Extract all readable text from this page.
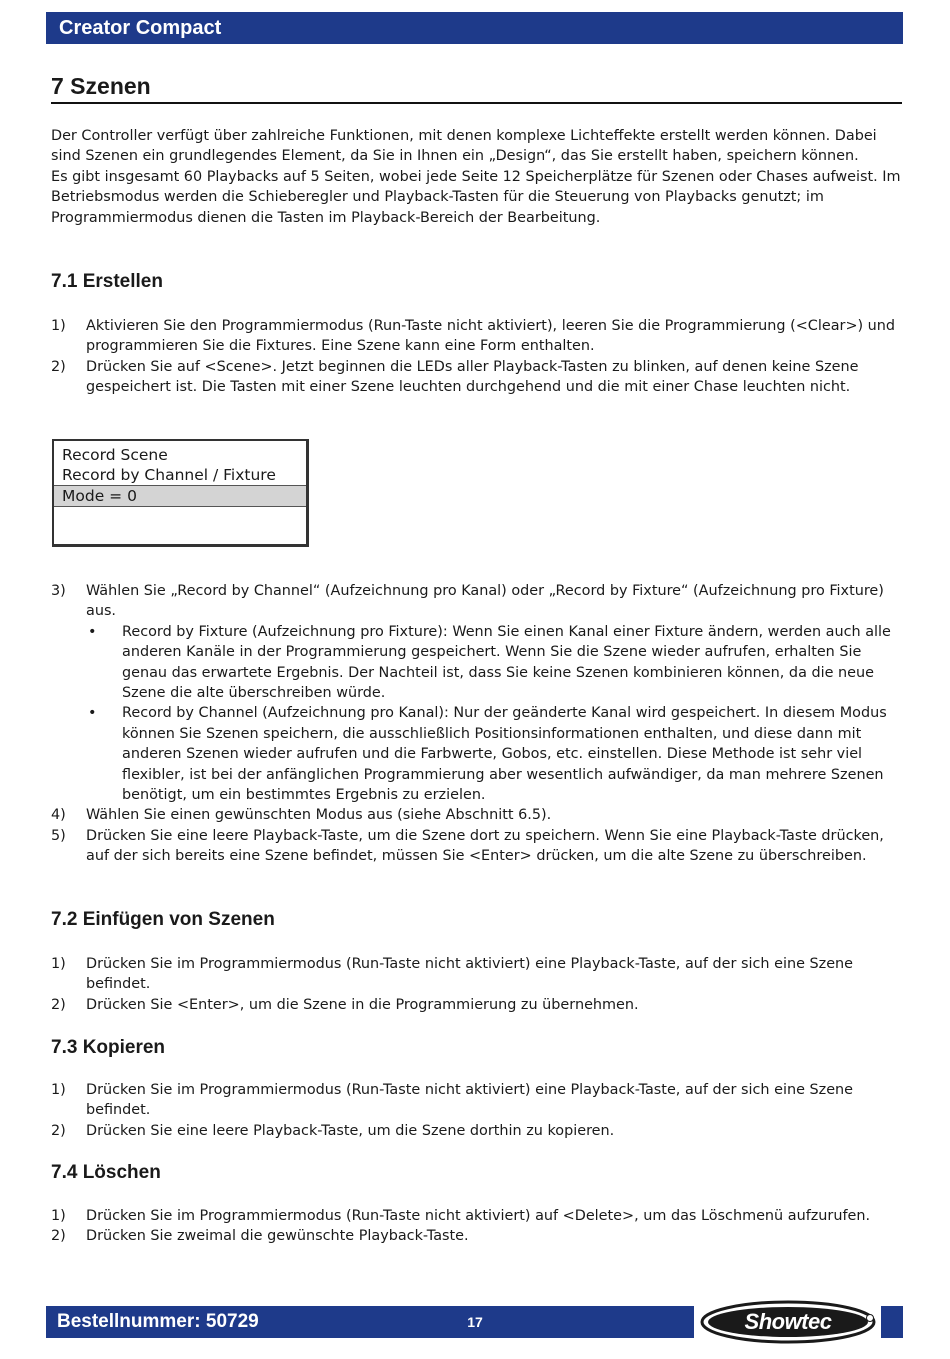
Creator Compact
7 Szenen

Der Controller verfügt über zahlreiche Funktionen, mit denen komplexe Lichteffekte erstellt werden können. Dabei sind Szenen ein grundlegendes Element, da Sie in Ihnen ein „Design“, das Sie erstellt haben, speichern können.

Es gibt insgesamt 60 Playbacks auf 5 Seiten, wobei jede Seite 12 Speicherplätze für Szenen oder Chases aufweist. Im Betriebsmodus werden die Schieberegler und Playback-Tasten für die Steuerung von Playbacks genutzt; im Programmiermodus dienen die Tasten im Playback-Bereich der Bearbeitung.

7.1 Erstellen
1) Aktivieren Sie den Programmiermodus (Run-Taste nicht aktiviert), leeren Sie die Programmierung (<Clear>) und programmieren Sie die Fixtures. Eine Szene kann eine Form enthalten.
2) Drücken Sie auf <Scene>. Jetzt beginnen die LEDs aller Playback-Tasten zu blinken, auf denen keine Szene gespeichert ist. Die Tasten mit einer Szene leuchten durchgehend und die mit einer Chase leuchten nicht.
Record Scene
Record by Channel / Fixture
Mode = 0
3) Wählen Sie „Record by Channel“ (Aufzeichnung pro Kanal) oder „Record by Fixture“ (Aufzeichnung pro Fixture) aus.
• Record by Fixture (Aufzeichnung pro Fixture): Wenn Sie einen Kanal einer Fixture ändern, werden auch alle anderen Kanäle in der Programmierung gespeichert. Wenn Sie die Szene wieder aufrufen, erhalten Sie genau das erwartete Ergebnis. Der Nachteil ist, dass Sie keine Szenen kombinieren können, da die neue Szene die alte überschreiben würde.
• Record by Channel (Aufzeichnung pro Kanal): Nur der geänderte Kanal wird gespeichert. In diesem Modus können Sie Szenen speichern, die ausschließlich Positionsinformationen enthalten, und diese dann mit anderen Szenen wieder aufrufen und die Farbwerte, Gobos, etc. einstellen. Diese Methode ist sehr viel flexibler, ist bei der anfänglichen Programmierung aber wesentlich aufwändiger, da man mehrere Szenen benötigt, um ein bestimmtes Ergebnis zu erzielen.
4) Wählen Sie einen gewünschten Modus aus (siehe Abschnitt 6.5).
5) Drücken Sie eine leere Playback-Taste, um die Szene dort zu speichern. Wenn Sie eine Playback-Taste drücken, auf der sich bereits eine Szene befindet, müssen Sie <Enter> drücken, um die alte Szene zu überschreiben.
7.2 Einfügen von Szenen
1) Drücken Sie im Programmiermodus (Run-Taste nicht aktiviert) eine Playback-Taste, auf der sich eine Szene befindet.
2) Drücken Sie <Enter>, um die Szene in die Programmierung zu übernehmen.
7.3 Kopieren
1) Drücken Sie im Programmiermodus (Run-Taste nicht aktiviert) eine Playback-Taste, auf der sich eine Szene befindet.
2) Drücken Sie eine leere Playback-Taste, um die Szene dorthin zu kopieren.
7.4 Löschen
1) Drücken Sie im Programmiermodus (Run-Taste nicht aktiviert) auf <Delete>, um das Löschmenü aufzurufen.
2) Drücken Sie zweimal die gewünschte Playback-Taste.
Bestellnummer: 50729	17	Showtec
